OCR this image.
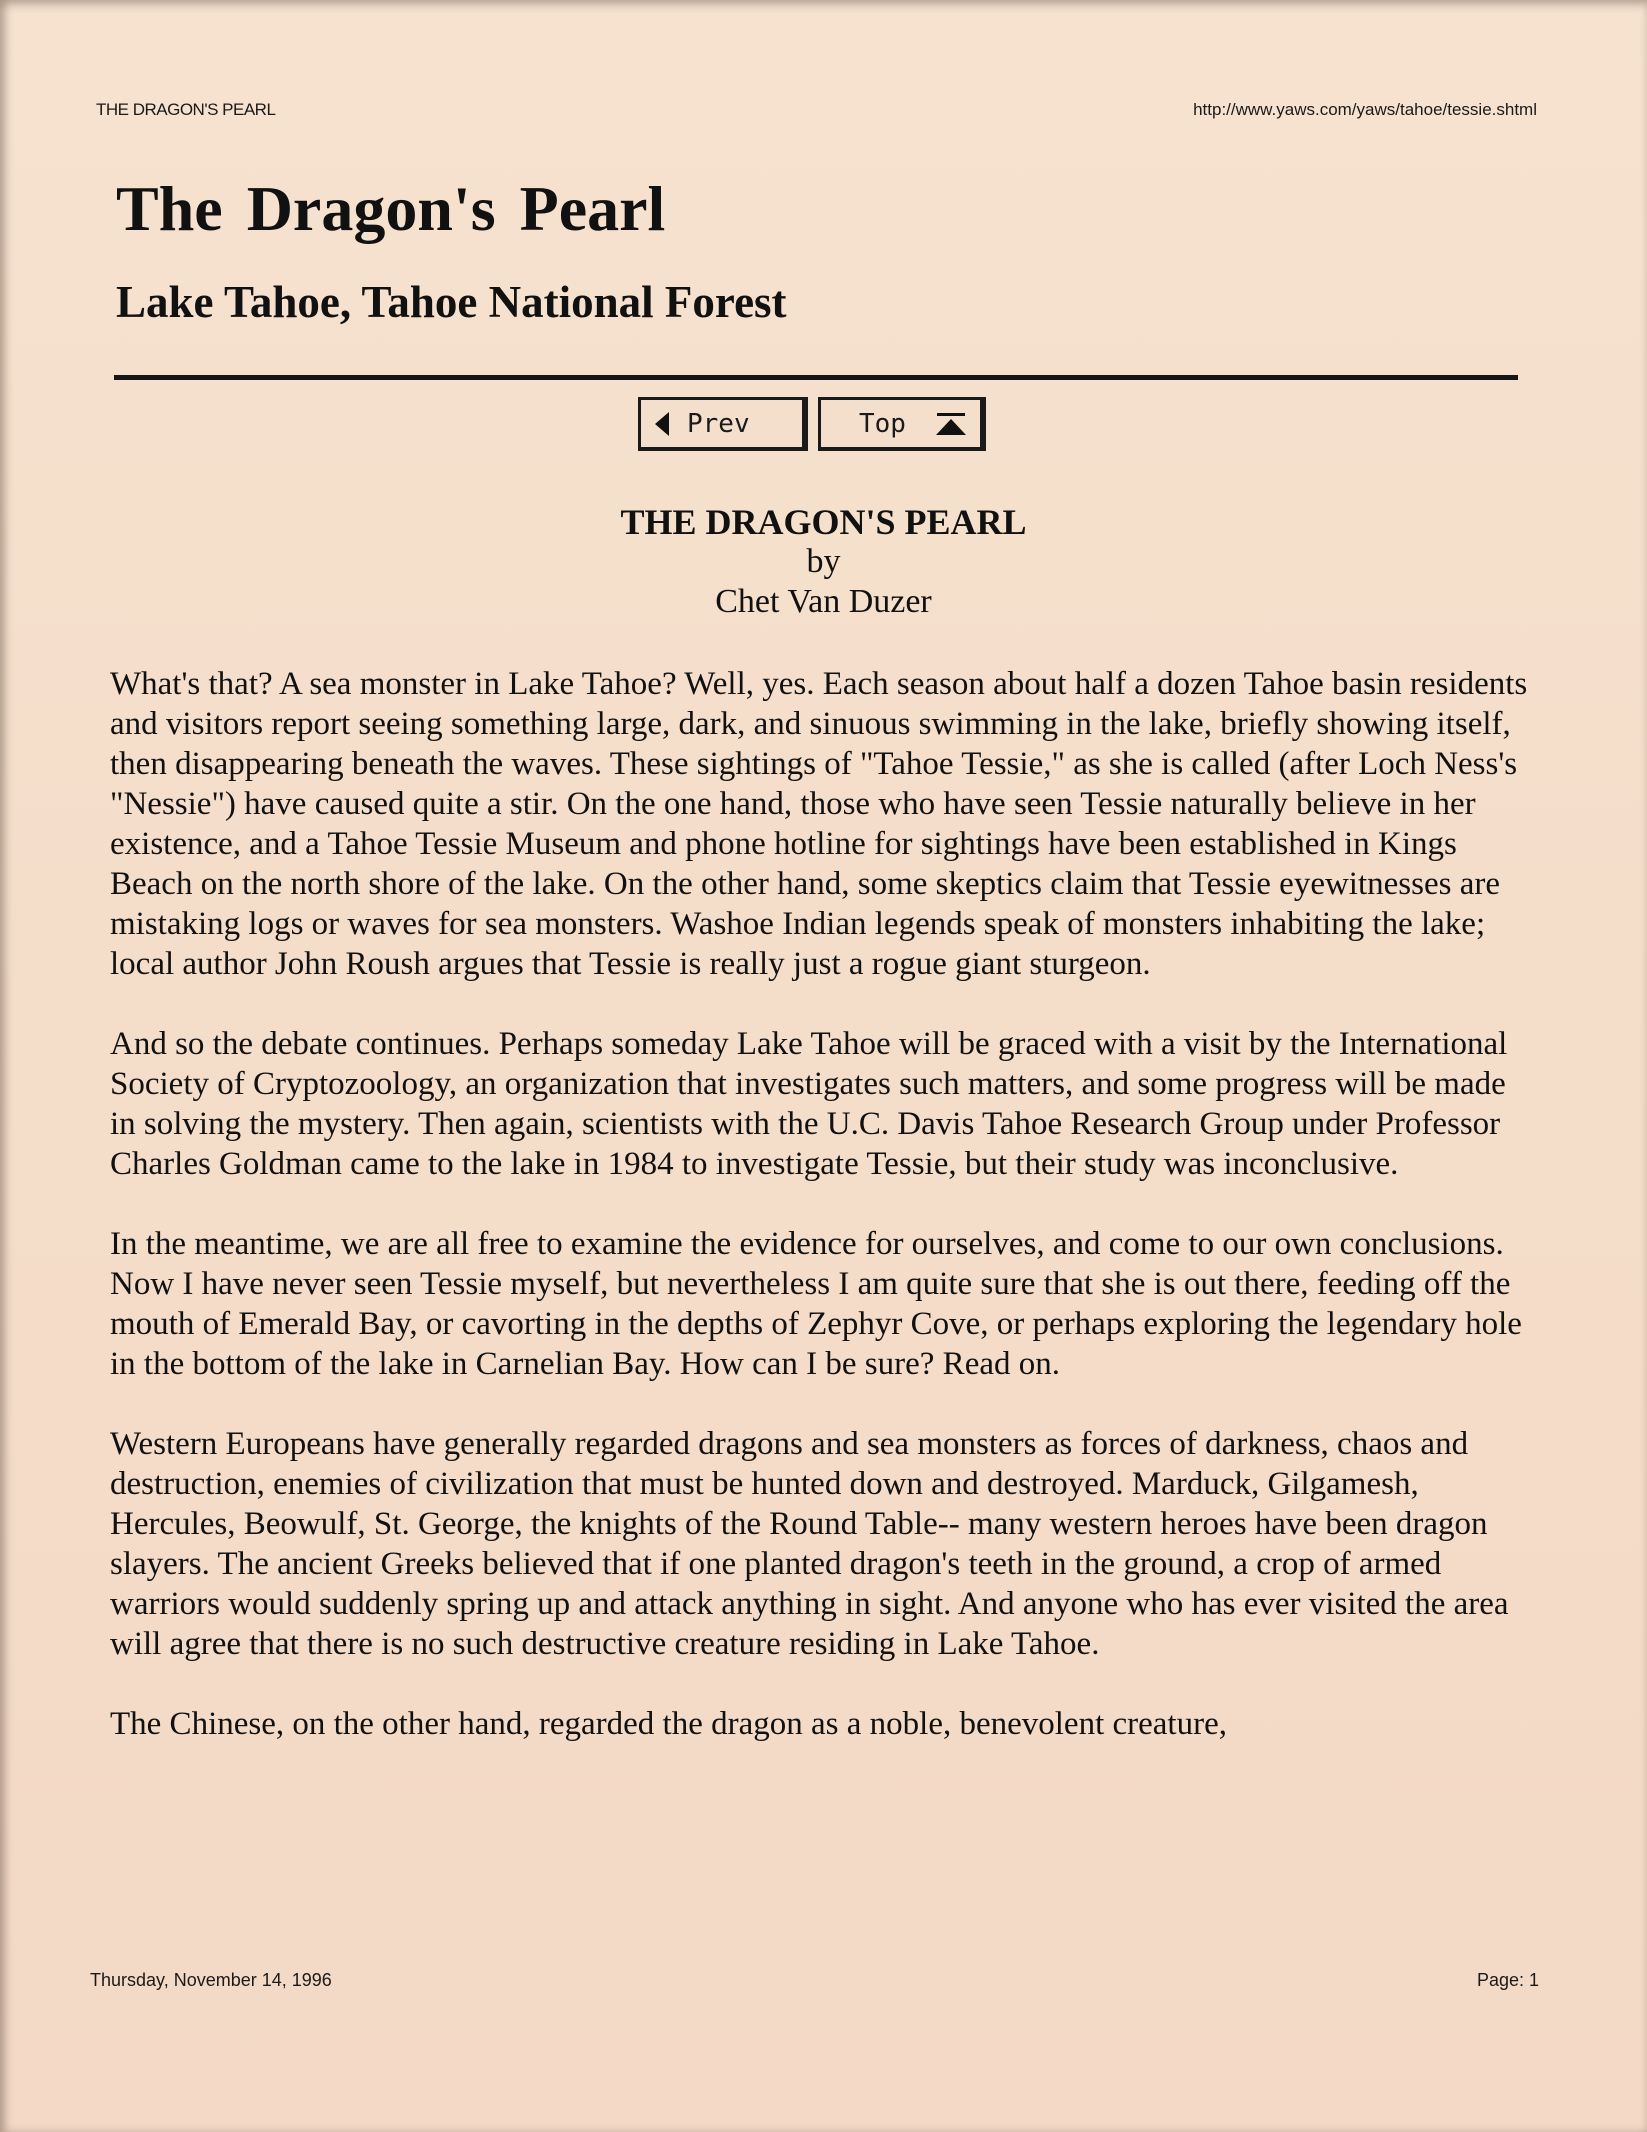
THE DRAGON'S PEARL	http://www.yaws.com/yaws/tahoe/tessie.shtml
The Dragon's Pearl
Lake Tahoe, Tahoe National Forest
Prev	Top
THE DRAGON'S PEARL
by
Chet Van Duzer

What's that? A sea monster in Lake Tahoe? Well, yes. Each season about half a dozen Tahoe basin residents and visitors report seeing something large, dark, and sinuous swimming in the lake, briefly showing itself, then disappearing beneath the waves. These sightings of "Tahoe Tessie," as she is called (after Loch Ness's "Nessie") have caused quite a stir. On the one hand, those who have seen Tessie naturally believe in her existence, and a Tahoe Tessie Museum and phone hotline for sightings have been established in Kings Beach on the north shore of the lake. On the other hand, some skeptics claim that Tessie eyewitnesses are mistaking logs or waves for sea monsters. Washoe Indian legends speak of monsters inhabiting the lake; local author John Roush argues that Tessie is really just a rogue giant sturgeon.

And so the debate continues. Perhaps someday Lake Tahoe will be graced with a visit by the International Society of Cryptozoology, an organization that investigates such matters, and some progress will be made in solving the mystery. Then again, scientists with the U.C. Davis Tahoe Research Group under Professor Charles Goldman came to the lake in 1984 to investigate Tessie, but their study was inconclusive.

In the meantime, we are all free to examine the evidence for ourselves, and come to our own conclusions. Now I have never seen Tessie myself, but nevertheless I am quite sure that she is out there, feeding off the mouth of Emerald Bay, or cavorting in the depths of Zephyr Cove, or perhaps exploring the legendary hole in the bottom of the lake in Carnelian Bay. How can I be sure? Read on.

Western Europeans have generally regarded dragons and sea monsters as forces of darkness, chaos and destruction, enemies of civilization that must be hunted down and destroyed. Marduck, Gilgamesh, Hercules, Beowulf, St. George, the knights of the Round Table-- many western heroes have been dragon slayers. The ancient Greeks believed that if one planted dragon's teeth in the ground, a crop of armed warriors would suddenly spring up and attack anything in sight. And anyone who has ever visited the area will agree that there is no such destructive creature residing in Lake Tahoe.

The Chinese, on the other hand, regarded the dragon as a noble, benevolent creature,

Thursday, November 14, 1996	Page: 1
